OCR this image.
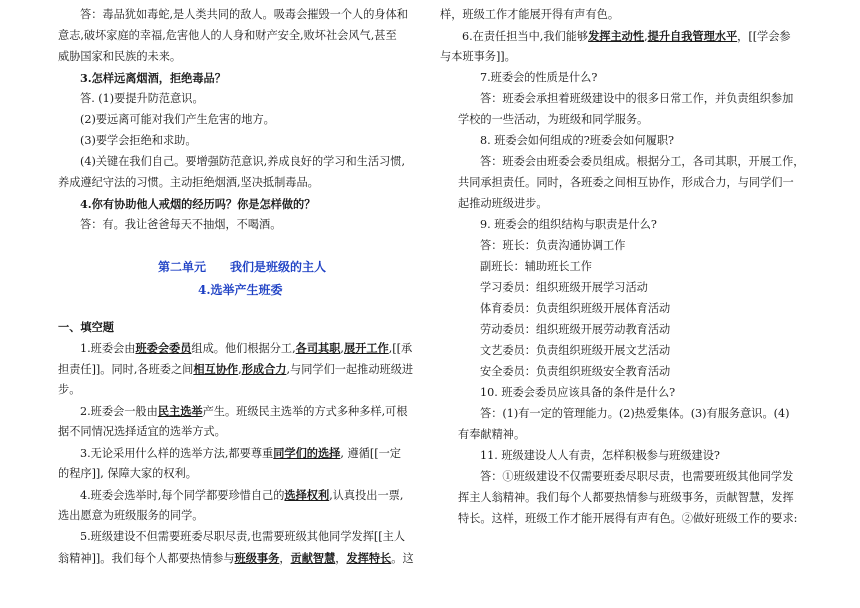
答：毒品犹如毒蛇,是人类共同的敌人。吸毒会摧毁一个人的身体和
意志,破坏家庭的幸福,危害他人的人身和财产安全,败坏社会风气,甚至
威胁国家和民族的未来。
3.怎样远离烟酒，拒绝毒品？
答. (1)要提升防范意识。
(2)要远离可能对我们产生危害的地方。
(3)要学会拒绝和求助。
(4)关键在我们自己。要增强防范意识,养成良好的学习和生活习惯,
养成遵纪守法的习惯。主动拒绝烟酒,坚决抵制毒品。
4.你有协助他人戒烟的经历吗？你是怎样做的？
答：有。我让爸爸每天不抽烟，不喝酒。
第二单元　　我们是班级的主人
4.选举产生班委
一、填空题
1.班委会由班委会委员组成。他们根据分工,各司其职,展开工作,[[承
担责任]]。同时,各班委之间相互协作,形成合力,与同学们一起推动班级进
步。
2.班委会一般由民主选举产生。班级民主选举的方式多种多样,可根
据不同情况选择适宜的选举方式。
3.无论采用什么样的选举方法,都要尊重同学们的选择, 遵循[[一定
的程序]], 保障大家的权利。
4.班委会选举时,每个同学都要珍惜自己的选择权利,认真投出一票,
选出愿意为班级服务的同学。
5.班级建设不但需要班委尽职尽责,也需要班级其他同学发挥[[主人
翁精神]]。我们每个人都要热情参与班级事务，贡献智慧，发挥特长。这
样，班级工作才能展开得有声有色。
6.在责任担当中,我们能够发挥主动性,提升自我管理水平，[[学会参
与本班事务]]。
7.班委会的性质是什么?
答：班委会承担着班级建设中的很多日常工作，并负责组织参加
学校的一些活动，为班级和同学服务。
8. 班委会如何组成的?班委会如何履职?
答：班委会由班委会委员组成。根据分工，各司其职，开展工作，
共同承担责任。同时，各班委之间相互协作，形成合力，与同学们一
起推动班级进步。
9. 班委会的组织结构与职责是什么?
答：班长：负责沟通协调工作
副班长：辅助班长工作
学习委员：组织班级开展学习活动
体育委员：负责组织班级开展体育活动
劳动委员：组织班级开展劳动教育活动
文艺委员：负责组织班级开展文艺活动
安全委员：负责组织班级安全教育活动
10. 班委会委员应该具备的条件是什么?
答：(1)有一定的管理能力。(2)热爱集体。(3)有服务意识。(4)
有奉献精神。
11. 班级建设人人有责，怎样积极参与班级建设?
答：①班级建设不仅需要班委尽职尽责，也需要班级其他同学发
挥主人翁精神。我们每个人都要热情参与班级事务，贡献智慧，发挥
特长。这样，班级工作才能开展得有声有色。②做好班级工作的要求:
